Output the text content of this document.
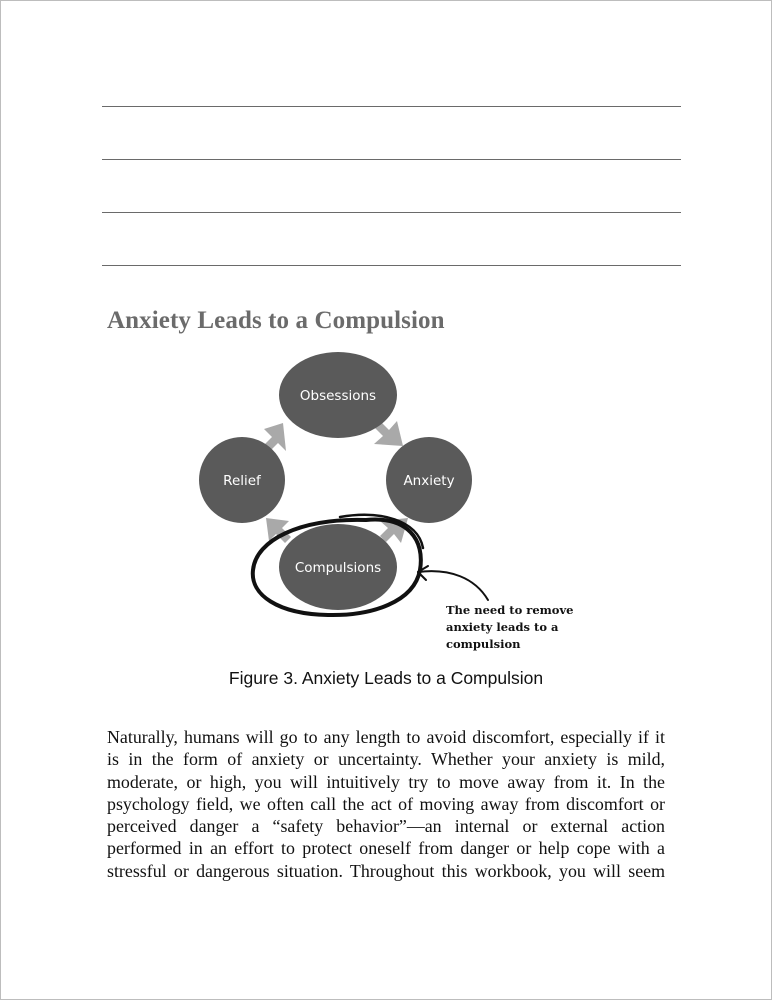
Anxiety Leads to a Compulsion
Obsessions
Anxiety
Relief
Compulsions
The need to remove anxiety leads to a compulsion
Figure 3. Anxiety Leads to a Compulsion

Naturally, humans will go to any length to avoid discomfort, especially if it
is in the form of anxiety or uncertainty. Whether your anxiety is mild,
moderate, or high, you will intuitively try to move away from it. In the
psychology field, we often call the act of moving away from discomfort or
perceived danger a “safety behavior”—an internal or external action
performed in an effort to protect oneself from danger or help cope with a
stressful or dangerous situation. Throughout this workbook, you will seem
